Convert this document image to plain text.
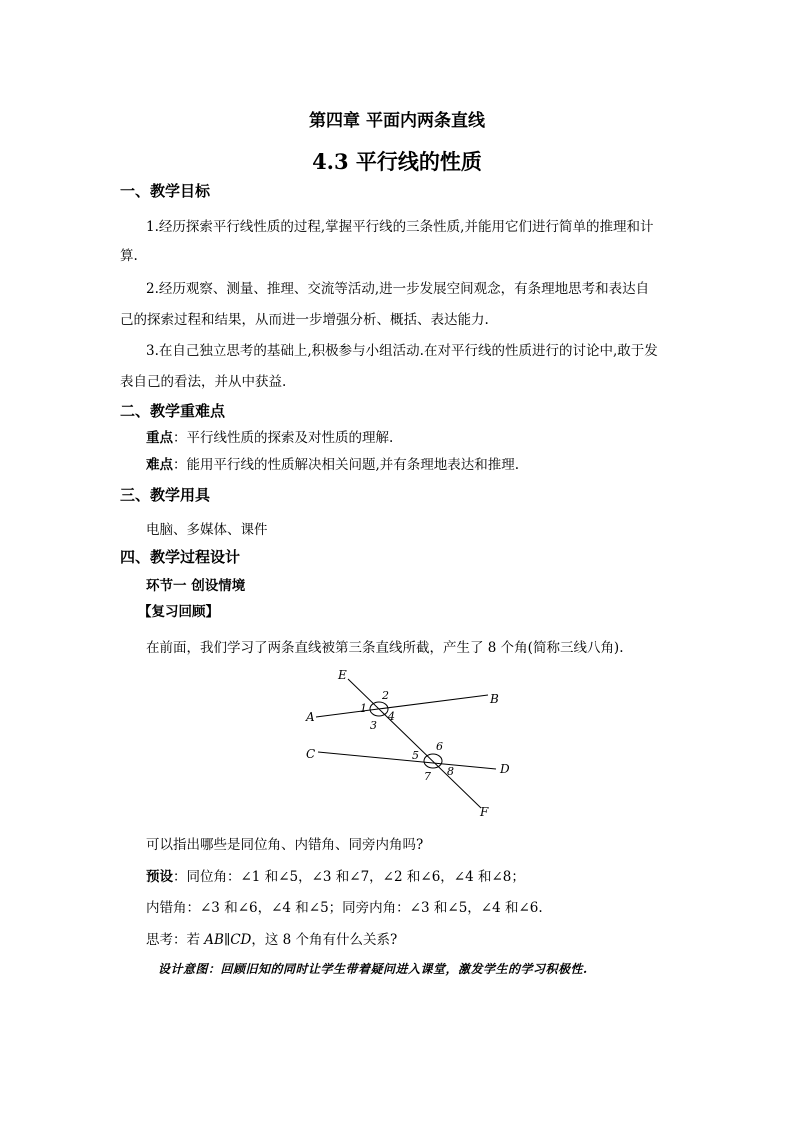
第四章 平面内两条直线
4.3 平行线的性质
一、教学目标
1.经历探索平行线性质的过程,掌握平行线的三条性质,并能用它们进行简单的推理和计
算.
2.经历观察、测量、推理、交流等活动,进一步发展空间观念，有条理地思考和表达自
己的探索过程和结果，从而进一步增强分析、概括、表达能力.
3.在自己独立思考的基础上,积极参与小组活动.在对平行线的性质进行的讨论中,敢于发
表自己的看法，并从中获益.
二、教学重难点
重点：平行线性质的探索及对性质的理解.
难点：能用平行线的性质解决相关问题,并有条理地表达和推理.
三、教学用具
电脑、多媒体、课件
四、教学过程设计
环节一 创设情境
【复习回顾】
在前面，我们学习了两条直线被第三条直线所截，产生了 8 个角(简称三线八角).
E
A
B
C
D
F
1
2
3
4
5
6
7 8
可以指出哪些是同位角、内错角、同旁内角吗?
预设：同位角：∠1 和∠5，∠3 和∠7，∠2 和∠6，∠4 和∠8；
内错角：∠3 和∠6，∠4 和∠5；同旁内角：∠3 和∠5，∠4 和∠6.
思考：若 AB∥CD，这 8 个角有什么关系?
设计意图：回顾旧知的同时让学生带着疑问进入课堂，激发学生的学习积极性.
